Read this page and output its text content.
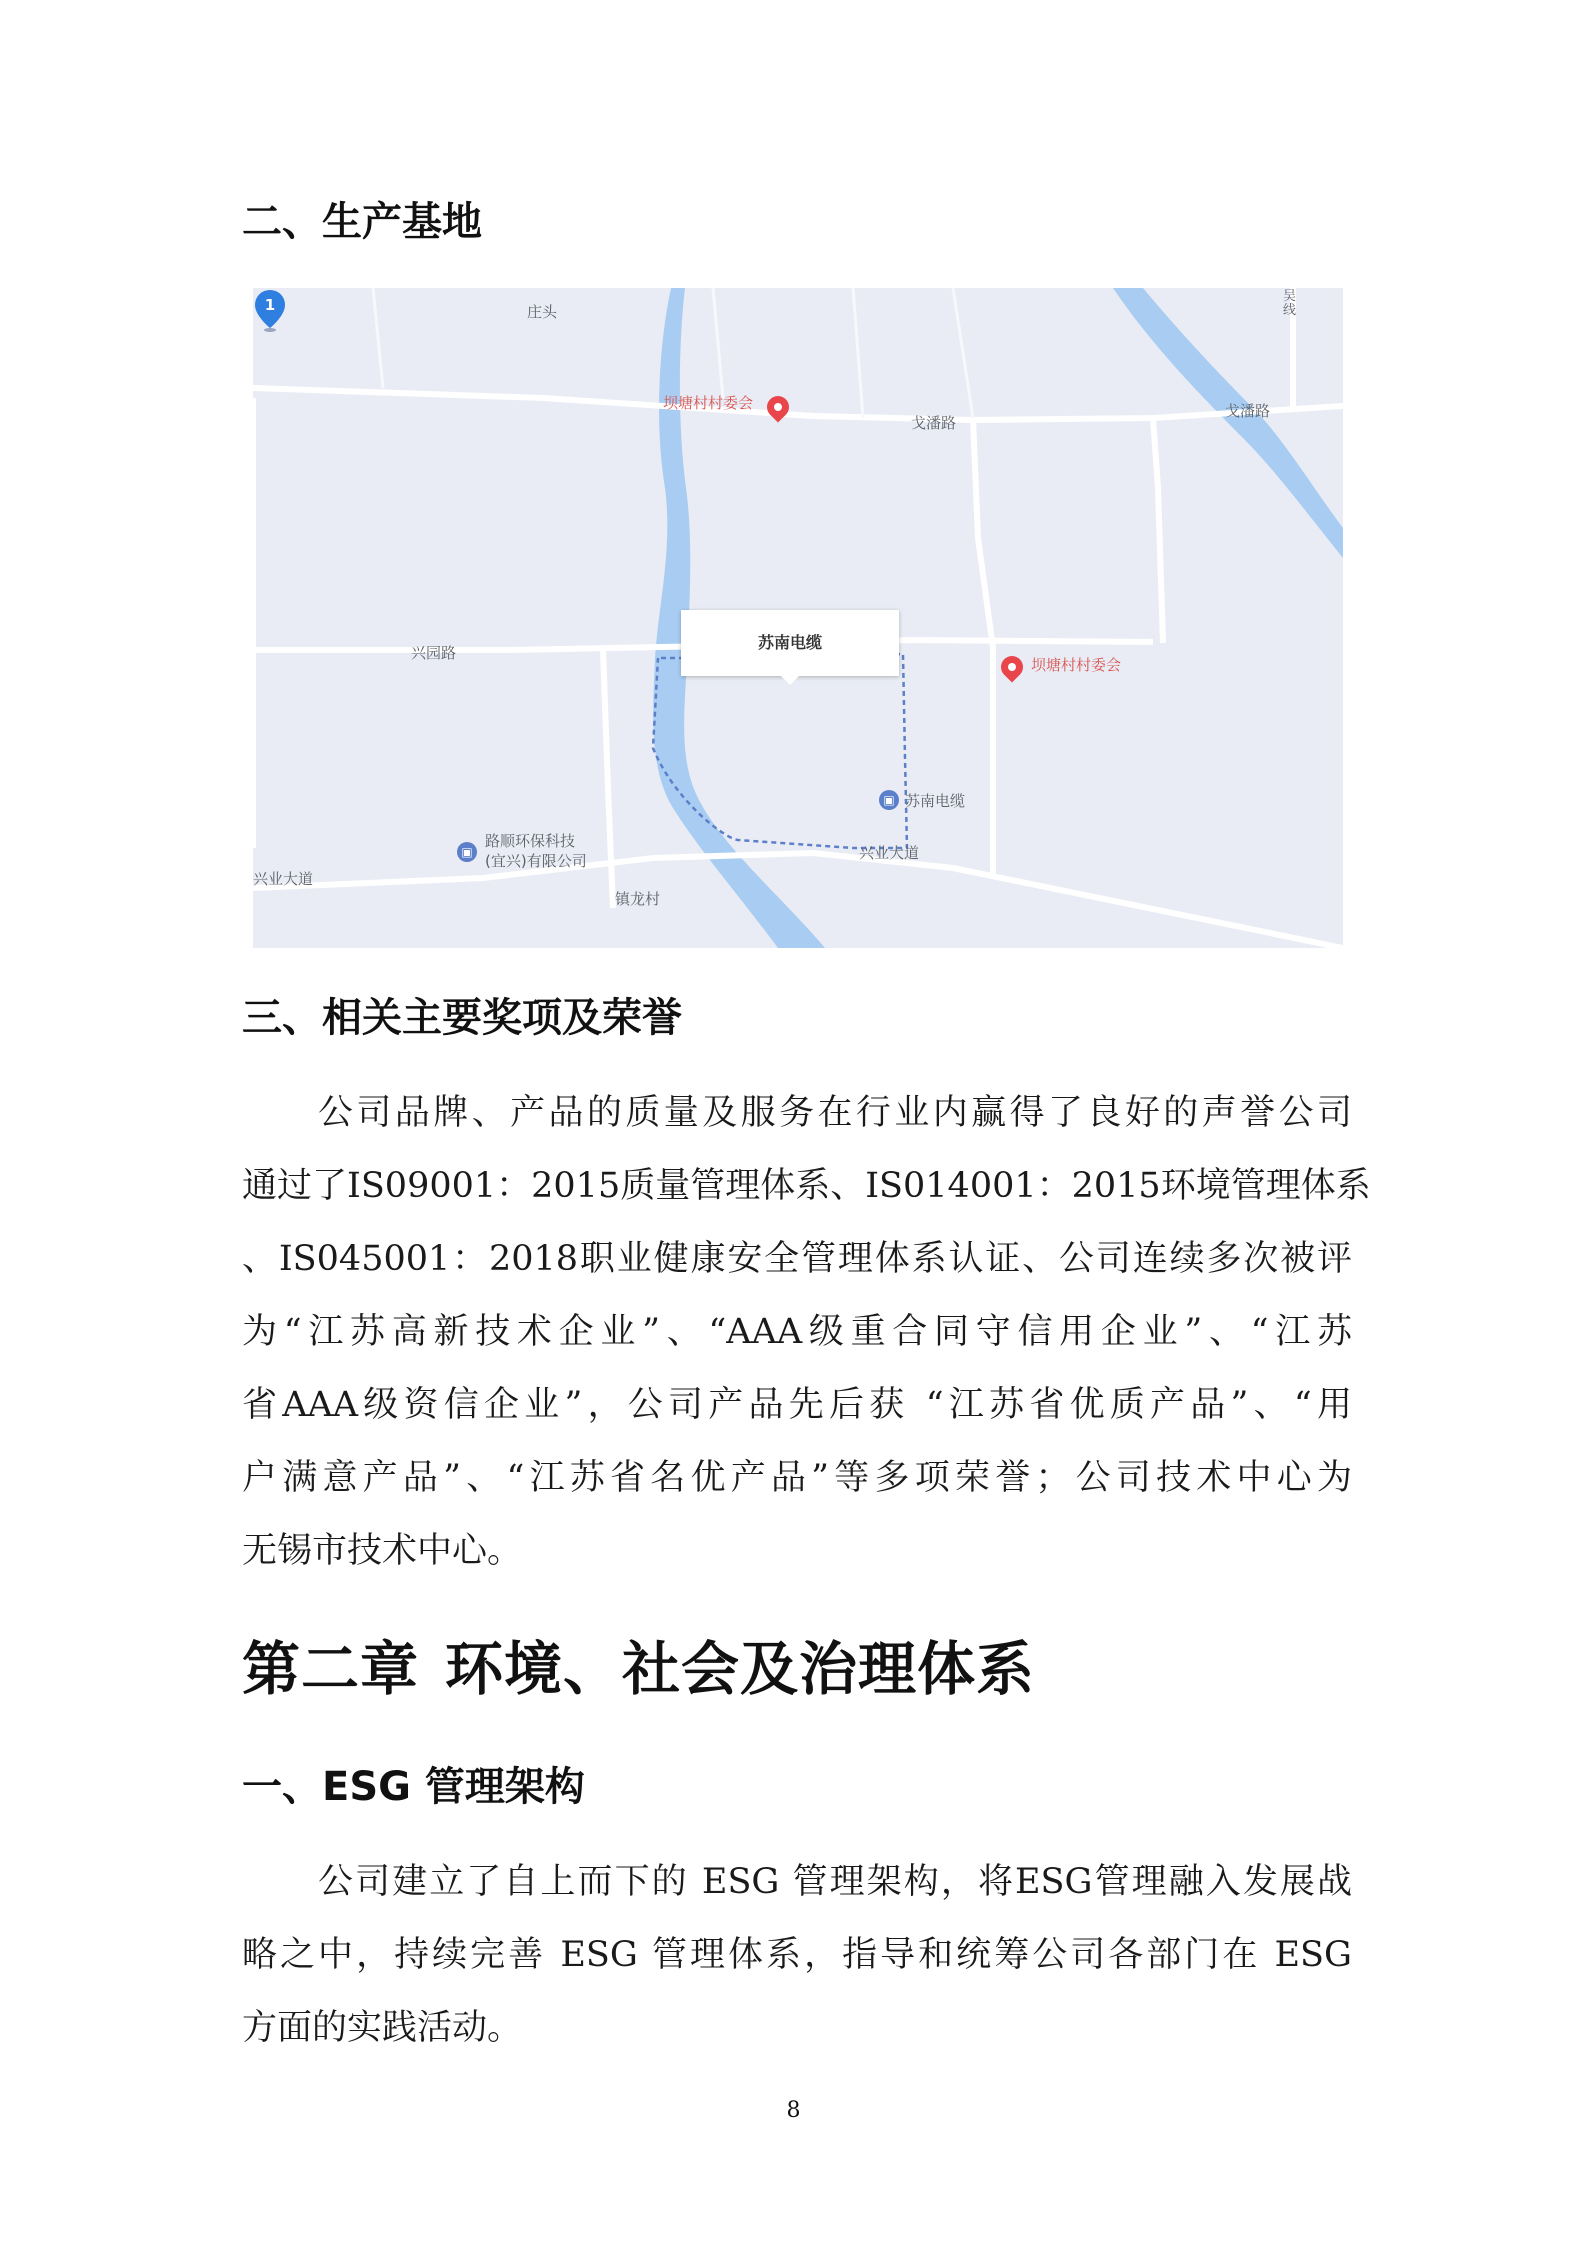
二、生产基地
庄头
吴
线
坝塘村村委会
戈潘路
戈潘路
兴园路
坝塘村村委会
苏南电缆
1
▣ 苏南电缆
▣
路顺环保科技
(宜兴)有限公司
兴业大道
兴业大道
镇龙村
三、相关主要奖项及荣誉
公司品牌、产品的质量及服务在行业内赢得了良好的声誉公司
通过了IS09001：2015质量管理体系、IS014001：2015环境管理体系
、IS045001：2018职业健康安全管理体系认证、公司连续多次被评
为“江苏高新技术企业”、“AAA级重合同守信用企业”、“江苏
省AAA级资信企业”，公司产品先后获 “江苏省优质产品”、“用
户满意产品”、“江苏省名优产品”等多项荣誉；公司技术中心为
无锡市技术中心。
第二章 环境、社会及治理体系
一、ESG 管理架构
公司建立了自上而下的 ESG 管理架构，将ESG管理融入发展战
略之中，持续完善 ESG 管理体系，指导和统筹公司各部门在 ESG
方面的实践活动。
8
